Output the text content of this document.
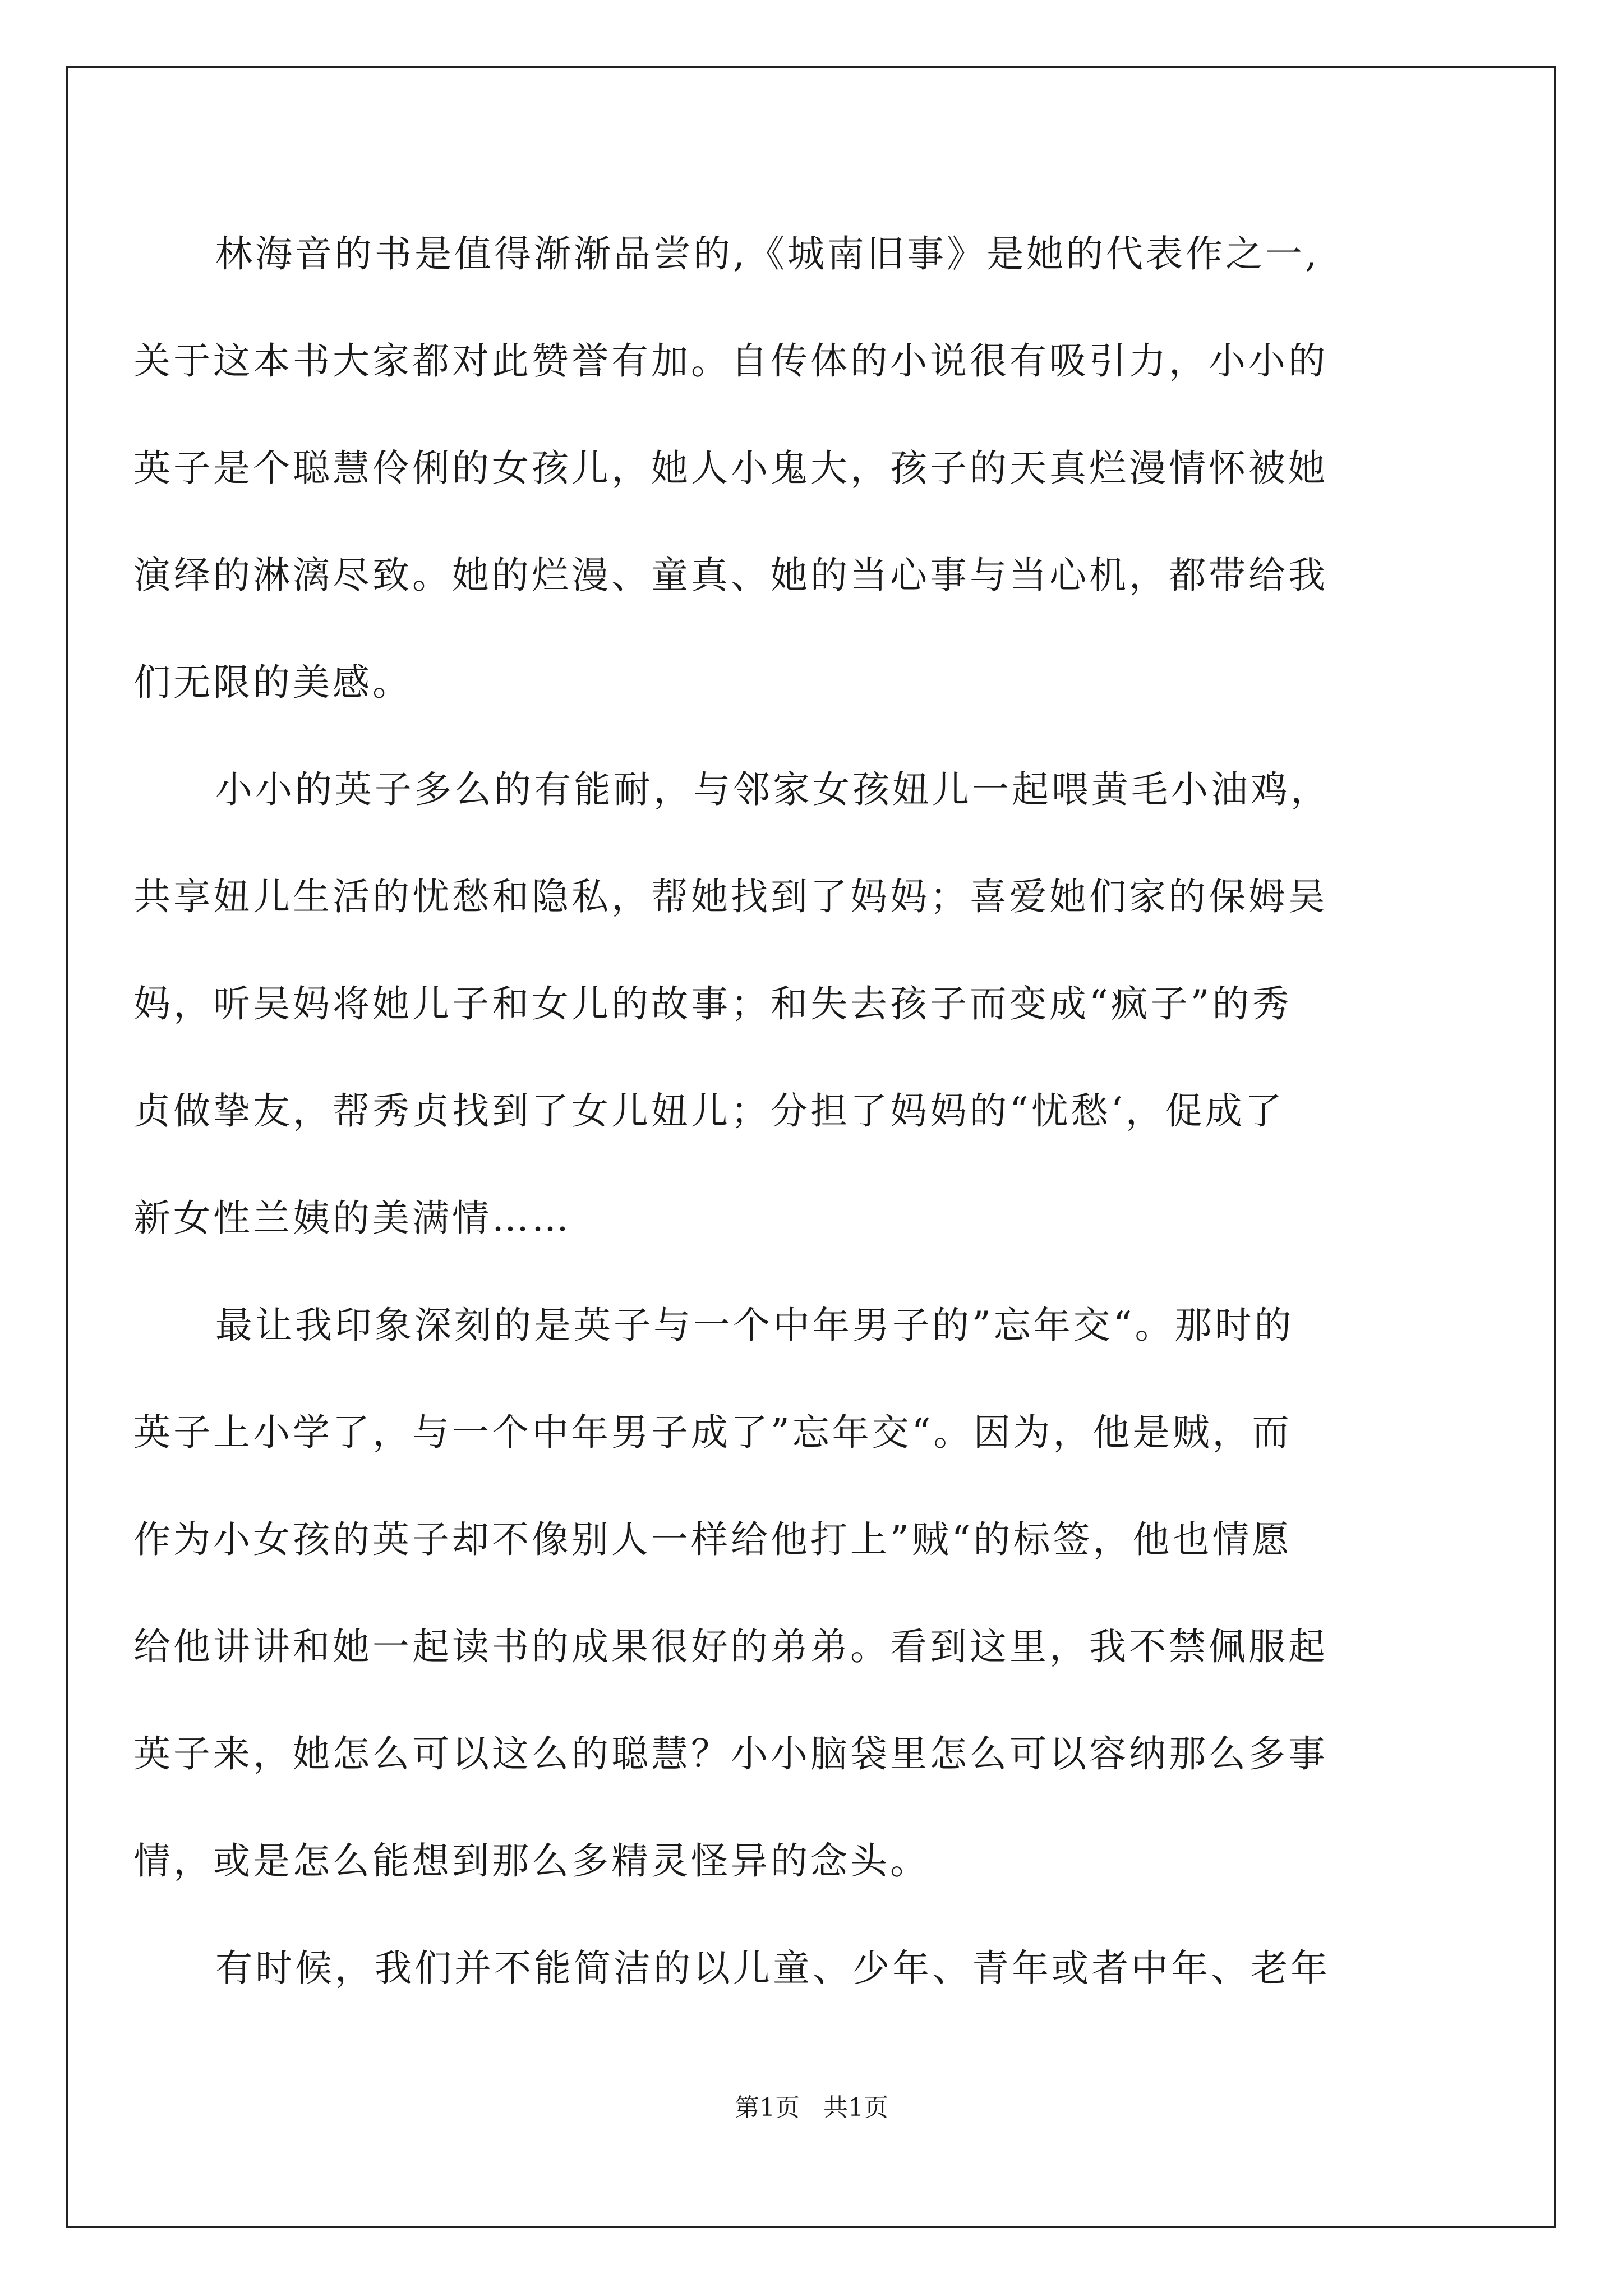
林海音的书是值得渐渐品尝的,《城南旧事》是她的代表作之一,

关于这本书大家都对此赞誉有加。自传体的小说很有吸引力，小小的

英子是个聪慧伶俐的女孩儿，她人小鬼大，孩子的天真烂漫情怀被她

演绎的淋漓尽致。她的烂漫、童真、她的当心事与当心机，都带给我

们无限的美感。

小小的英子多么的有能耐，与邻家女孩妞儿一起喂黄毛小油鸡，

共享妞儿生活的忧愁和隐私，帮她找到了妈妈；喜爱她们家的保姆吴

妈，听吴妈将她儿子和女儿的故事；和失去孩子而变成“疯子”的秀

贞做挚友，帮秀贞找到了女儿妞儿；分担了妈妈的“忧愁‘，促成了

新女性兰姨的美满情……

最让我印象深刻的是英子与一个中年男子的”忘年交“。那时的

英子上小学了，与一个中年男子成了”忘年交“。因为，他是贼，而

作为小女孩的英子却不像别人一样给他打上”贼“的标签，他也情愿

给他讲讲和她一起读书的成果很好的弟弟。看到这里，我不禁佩服起

英子来，她怎么可以这么的聪慧？小小脑袋里怎么可以容纳那么多事

情，或是怎么能想到那么多精灵怪异的念头。

有时候，我们并不能简洁的以儿童、少年、青年或者中年、老年

第1页 共1页
